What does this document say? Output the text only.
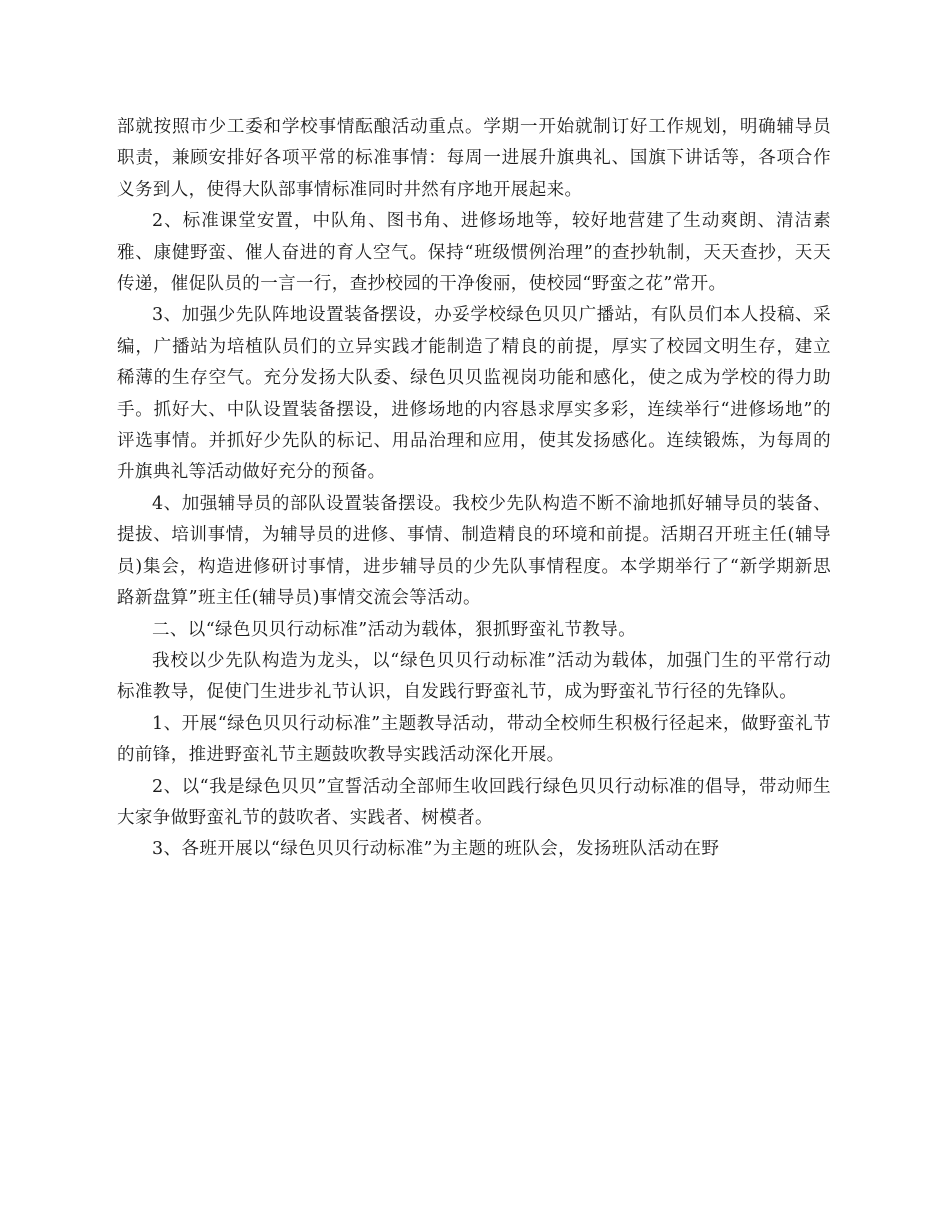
部就按照市少工委和学校事情酝酿活动重点。学期一开始就制订好工作规划，明确辅导员职责，兼顾安排好各项平常的标准事情：每周一进展升旗典礼、国旗下讲话等，各项合作义务到人，使得大队部事情标准同时井然有序地开展起来。

2、标准课堂安置，中队角、图书角、进修场地等，较好地营建了生动爽朗、清洁素雅、康健野蛮、催人奋进的育人空气。保持“班级惯例治理”的查抄轨制，天天查抄，天天传递，催促队员的一言一行，查抄校园的干净俊丽，使校园“野蛮之花”常开。

3、加强少先队阵地设置装备摆设，办妥学校绿色贝贝广播站，有队员们本人投稿、采编，广播站为培植队员们的立异实践才能制造了精良的前提，厚实了校园文明生存，建立稀薄的生存空气。充分发扬大队委、绿色贝贝监视岗功能和感化，使之成为学校的得力助手。抓好大、中队设置装备摆设，进修场地的内容恳求厚实多彩，连续举行“进修场地”的评选事情。并抓好少先队的标记、用品治理和应用，使其发扬感化。连续锻炼，为每周的升旗典礼等活动做好充分的预备。

4、加强辅导员的部队设置装备摆设。我校少先队构造不断不渝地抓好辅导员的装备、提拔、培训事情，为辅导员的进修、事情、制造精良的环境和前提。活期召开班主任(辅导员)集会，构造进修研讨事情，进步辅导员的少先队事情程度。本学期举行了“新学期新思路新盘算”班主任(辅导员)事情交流会等活动。

二、以“绿色贝贝行动标准”活动为载体，狠抓野蛮礼节教导。

我校以少先队构造为龙头，以“绿色贝贝行动标准”活动为载体，加强门生的平常行动标准教导，促使门生进步礼节认识，自发践行野蛮礼节，成为野蛮礼节行径的先锋队。

1、开展“绿色贝贝行动标准”主题教导活动，带动全校师生积极行径起来，做野蛮礼节的前锋，推进野蛮礼节主题鼓吹教导实践活动深化开展。

2、以“我是绿色贝贝”宣誓活动全部师生收回践行绿色贝贝行动标准的倡导，带动师生大家争做野蛮礼节的鼓吹者、实践者、树模者。

3、各班开展以“绿色贝贝行动标准”为主题的班队会，发扬班队活动在野
